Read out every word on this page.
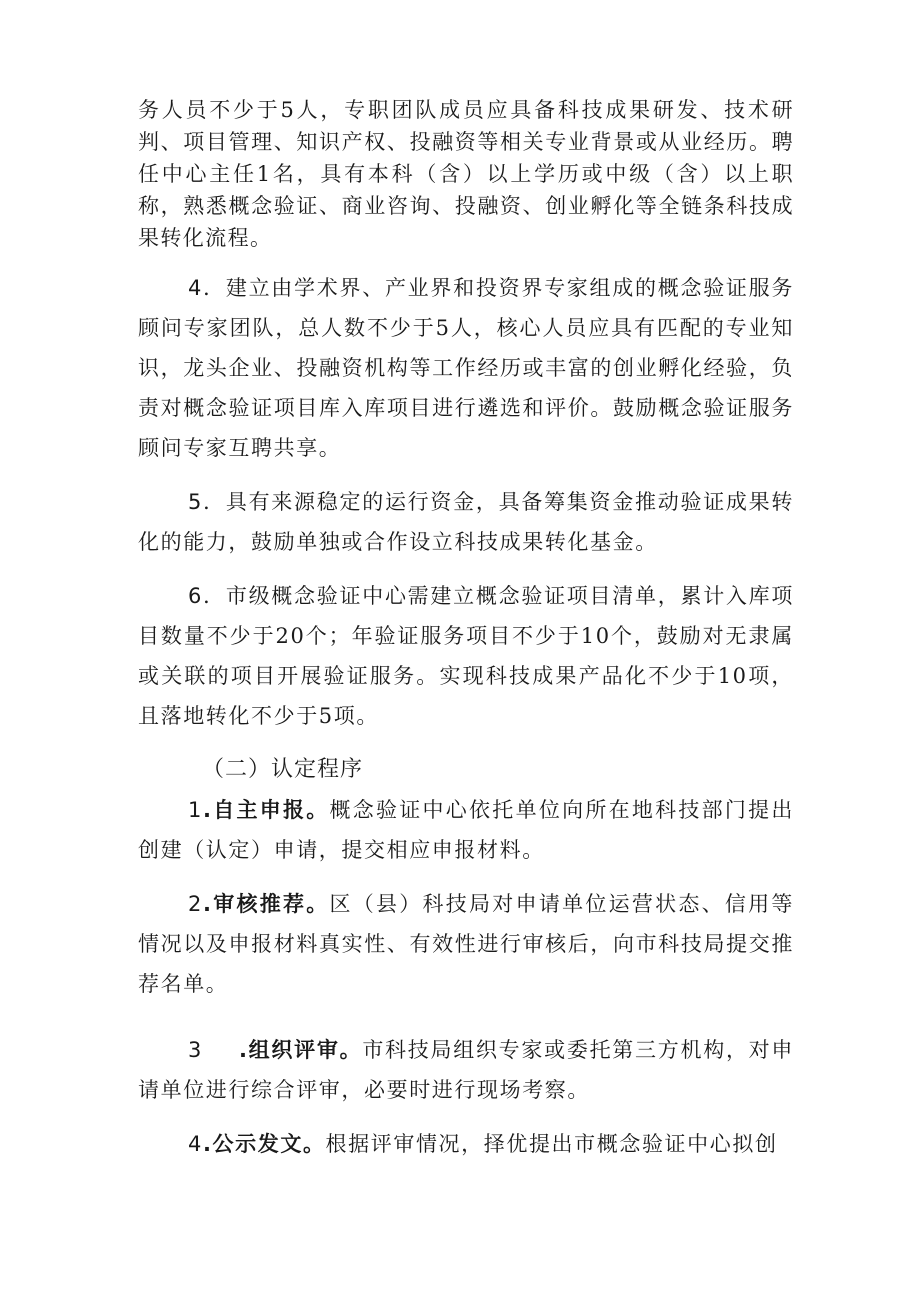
务人员不少于5人，专职团队成员应具备科技成果研发、技术研判、项目管理、知识产权、投融资等相关专业背景或从业经历。聘任中心主任1名，具有本科（含）以上学历或中级（含）以上职称，熟悉概念验证、商业咨询、投融资、创业孵化等全链条科技成果转化流程。

4．建立由学术界、产业界和投资界专家组成的概念验证服务顾问专家团队，总人数不少于5人，核心人员应具有匹配的专业知识，龙头企业、投融资机构等工作经历或丰富的创业孵化经验，负责对概念验证项目库入库项目进行遴选和评价。鼓励概念验证服务顾问专家互聘共享。

5．具有来源稳定的运行资金，具备筹集资金推动验证成果转化的能力，鼓励单独或合作设立科技成果转化基金。

6．市级概念验证中心需建立概念验证项目清单，累计入库项目数量不少于20个；年验证服务项目不少于10个，鼓励对无隶属或关联的项目开展验证服务。实现科技成果产品化不少于10项，且落地转化不少于5项。

（二）认定程序

1.自主申报。概念验证中心依托单位向所在地科技部门提出创建（认定）申请，提交相应申报材料。

2.审核推荐。区（县）科技局对申请单位运营状态、信用等情况以及申报材料真实性、有效性进行审核后，向市科技局提交推荐名单。

3 .组织评审。市科技局组织专家或委托第三方机构，对申请单位进行综合评审，必要时进行现场考察。

4.公示发文。根据评审情况，择优提出市概念验证中心拟创
